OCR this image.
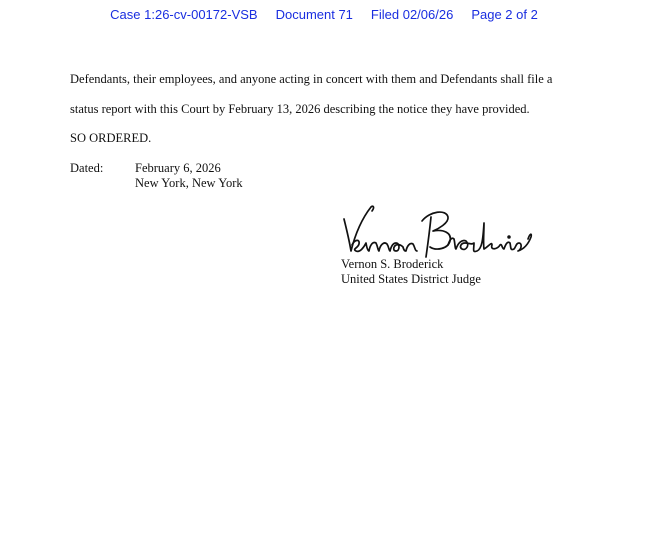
Case 1:26-cv-00172-VSB Document 71 Filed 02/06/26 Page 2 of 2
Defendants, their employees, and anyone acting in concert with them and Defendants shall file a
status report with this Court by February 13, 2026 describing the notice they have provided.
SO ORDERED.
Dated:	February 6, 2026
New York, New York
Vernon S. Broderick
United States District Judge
